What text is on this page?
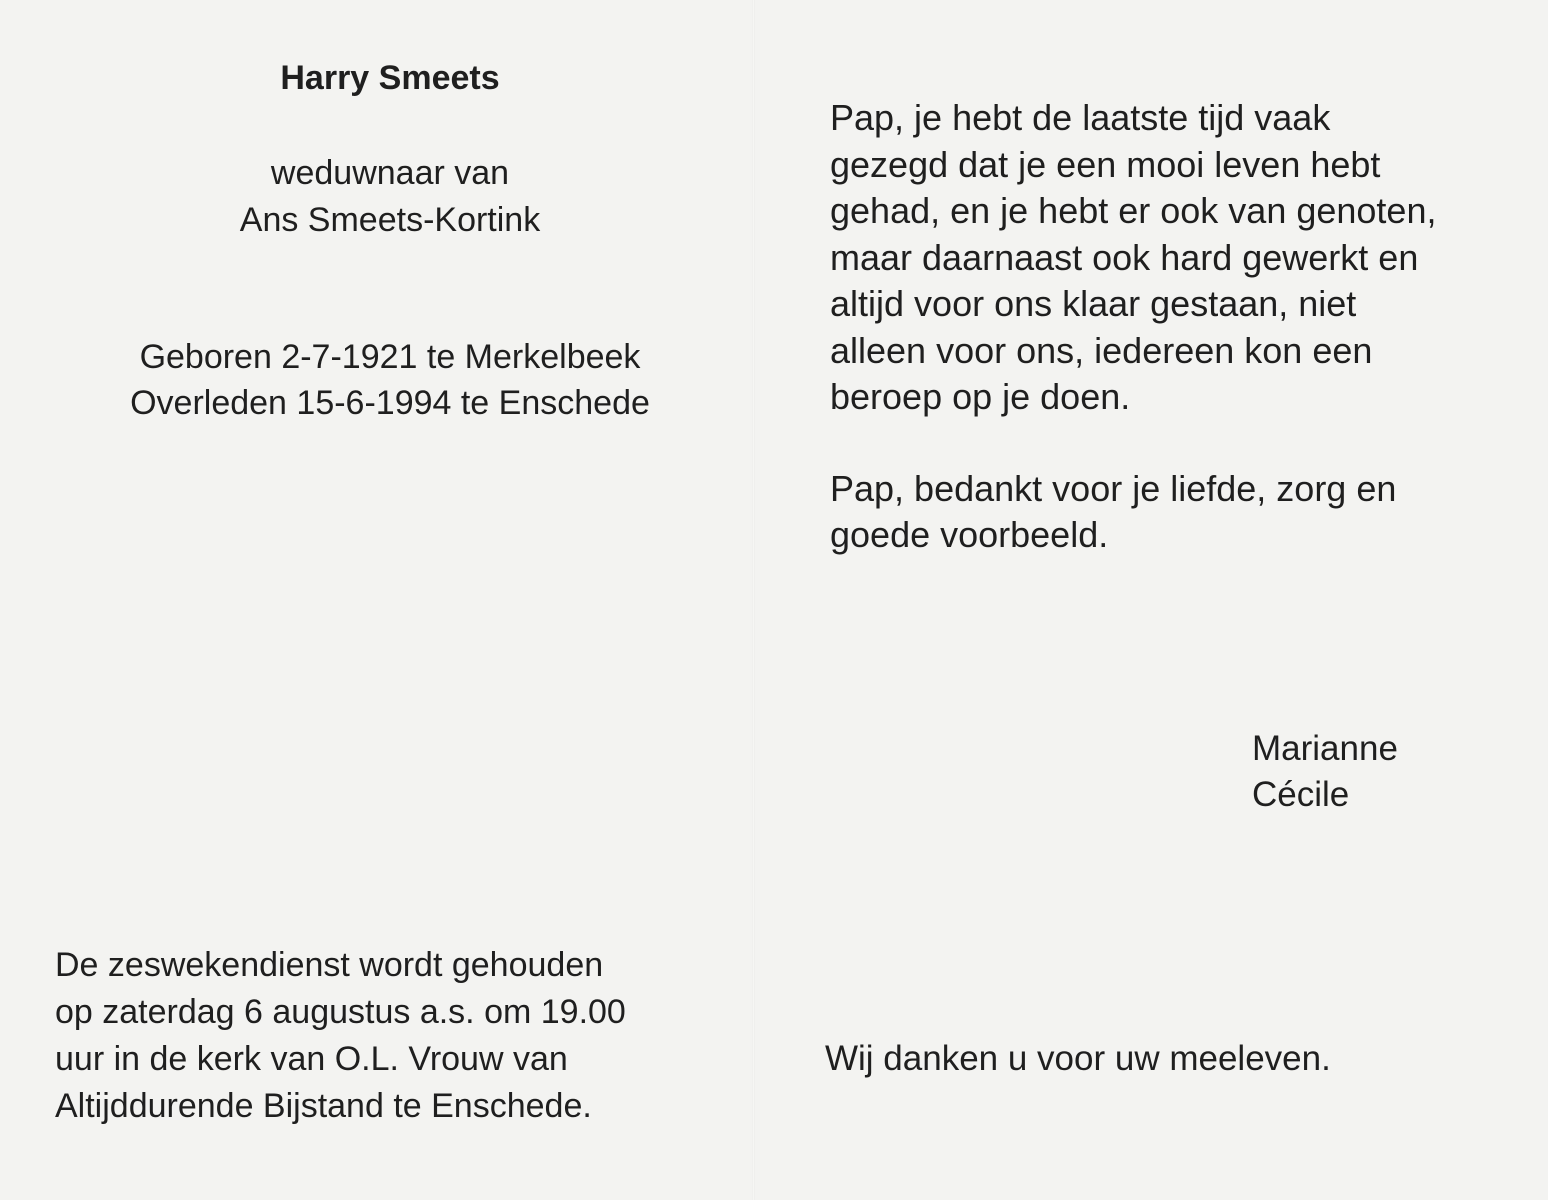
Harry Smeets
weduwnaar van
Ans Smeets-Kortink
Geboren 2-7-1921 te Merkelbeek
Overleden 15-6-1994 te Enschede
De zeswekendienst wordt gehouden
op zaterdag 6 augustus a.s. om 19.00
uur in de kerk van O.L. Vrouw van
Altijddurende Bijstand te Enschede.
Pap, je hebt de laatste tijd vaak
gezegd dat je een mooi leven hebt
gehad, en je hebt er ook van genoten,
maar daarnaast ook hard gewerkt en
altijd voor ons klaar gestaan, niet
alleen voor ons, iedereen kon een
beroep op je doen.
Pap, bedankt voor je liefde, zorg en
goede voorbeeld.
Marianne
Cécile
Wij danken u voor uw meeleven.
